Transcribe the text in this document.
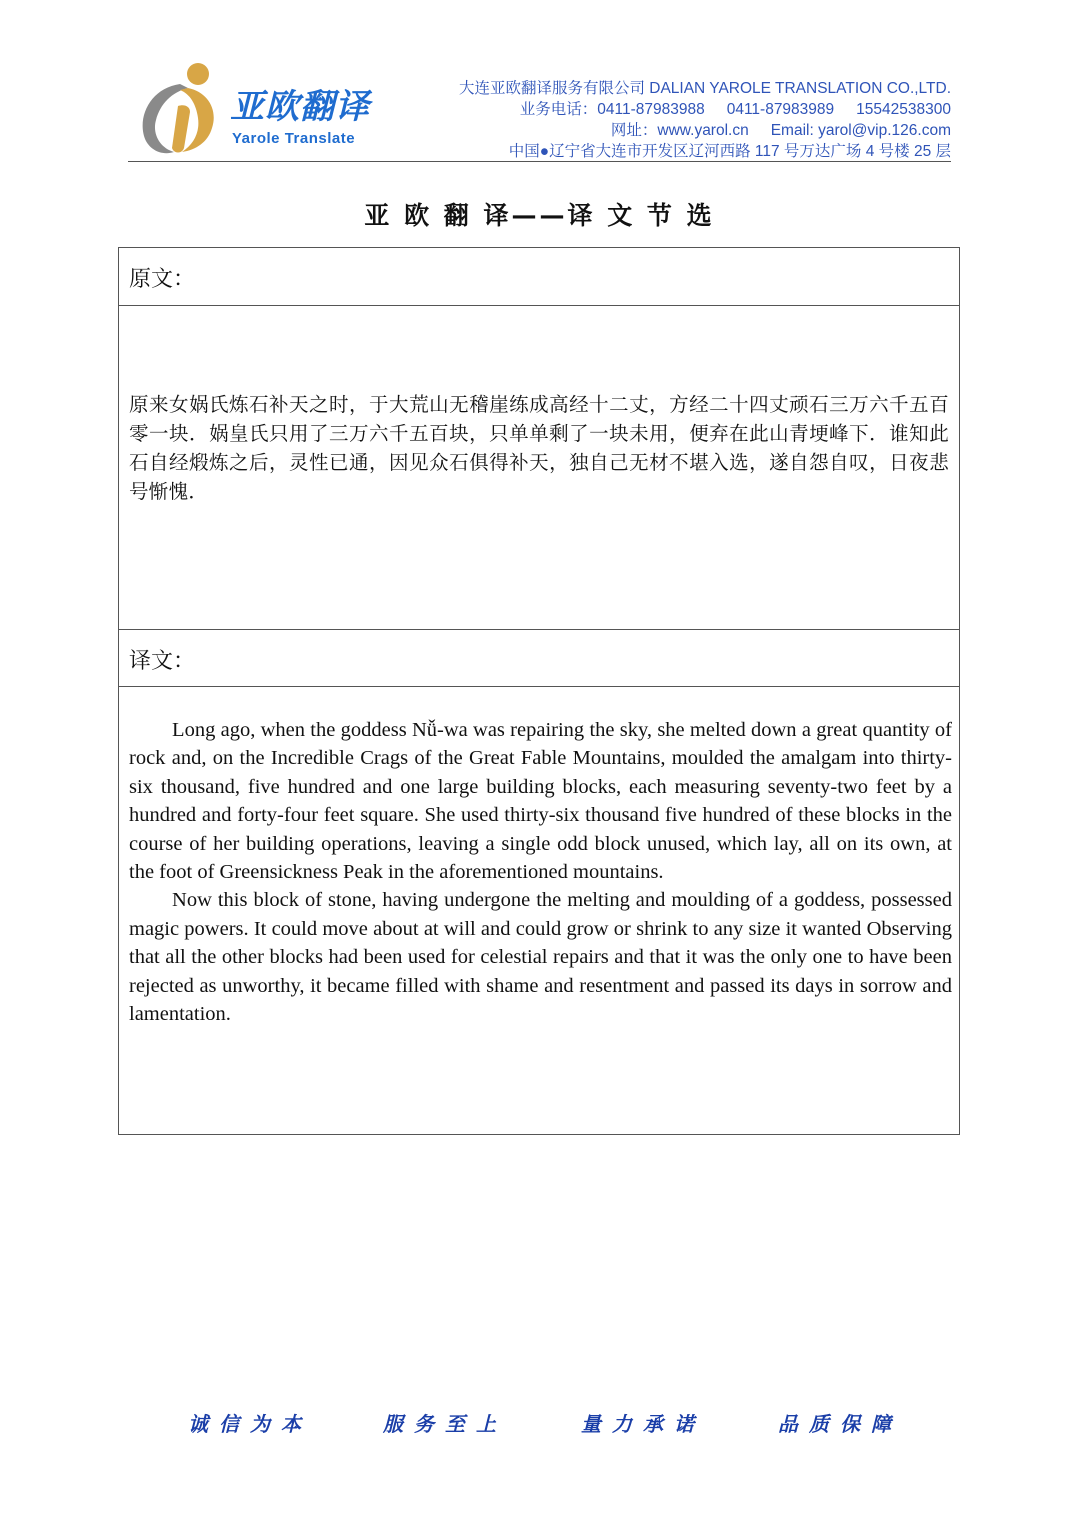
亚欧翻译
Yarole Translate
大连亚欧翻译服务有限公司 DALIAN YAROLE TRANSLATION CO.,LTD.
业务电话：0411-87983988 0411-87983989 15542538300
网址：www.yarol.cn Email: yarol@vip.126.com
中国●辽宁省大连市开发区辽河西路 117 号万达广场 4 号楼 25 层
亚 欧 翻 译——译 文 节 选
原文：
原来女娲氏炼石补天之时，于大荒山无稽崖练成高经十二丈，方经二十四丈顽石三万六千五百零一块．娲皇氏只用了三万六千五百块，只单单剩了一块未用，便弃在此山青埂峰下．谁知此石自经煅炼之后，灵性已通，因见众石俱得补天，独自己无材不堪入选，遂自怨自叹，日夜悲号惭愧．
译文：

Long ago, when the goddess Nǚ-wa was repairing the sky, she melted down a great quantity of rock and, on the Incredible Crags of the Great Fable Mountains, moulded the amalgam into thirty-six thousand, five hundred and one large building blocks, each measuring seventy-two feet by a hundred and forty-four feet square. She used thirty-six thousand five hundred of these blocks in the course of her building operations, leaving a single odd block unused, which lay, all on its own, at the foot of Greensickness Peak in the aforementioned mountains.

Now this block of stone, having undergone the melting and moulding of a goddess, possessed magic powers. It could move about at will and could grow or shrink to any size it wanted Observing that all the other blocks had been used for celestial repairs and that it was the only one to have been rejected as unworthy, it became filled with shame and resentment and passed its days in sorrow and lamentation.

诚信为本	服务至上	量力承诺	品质保障
